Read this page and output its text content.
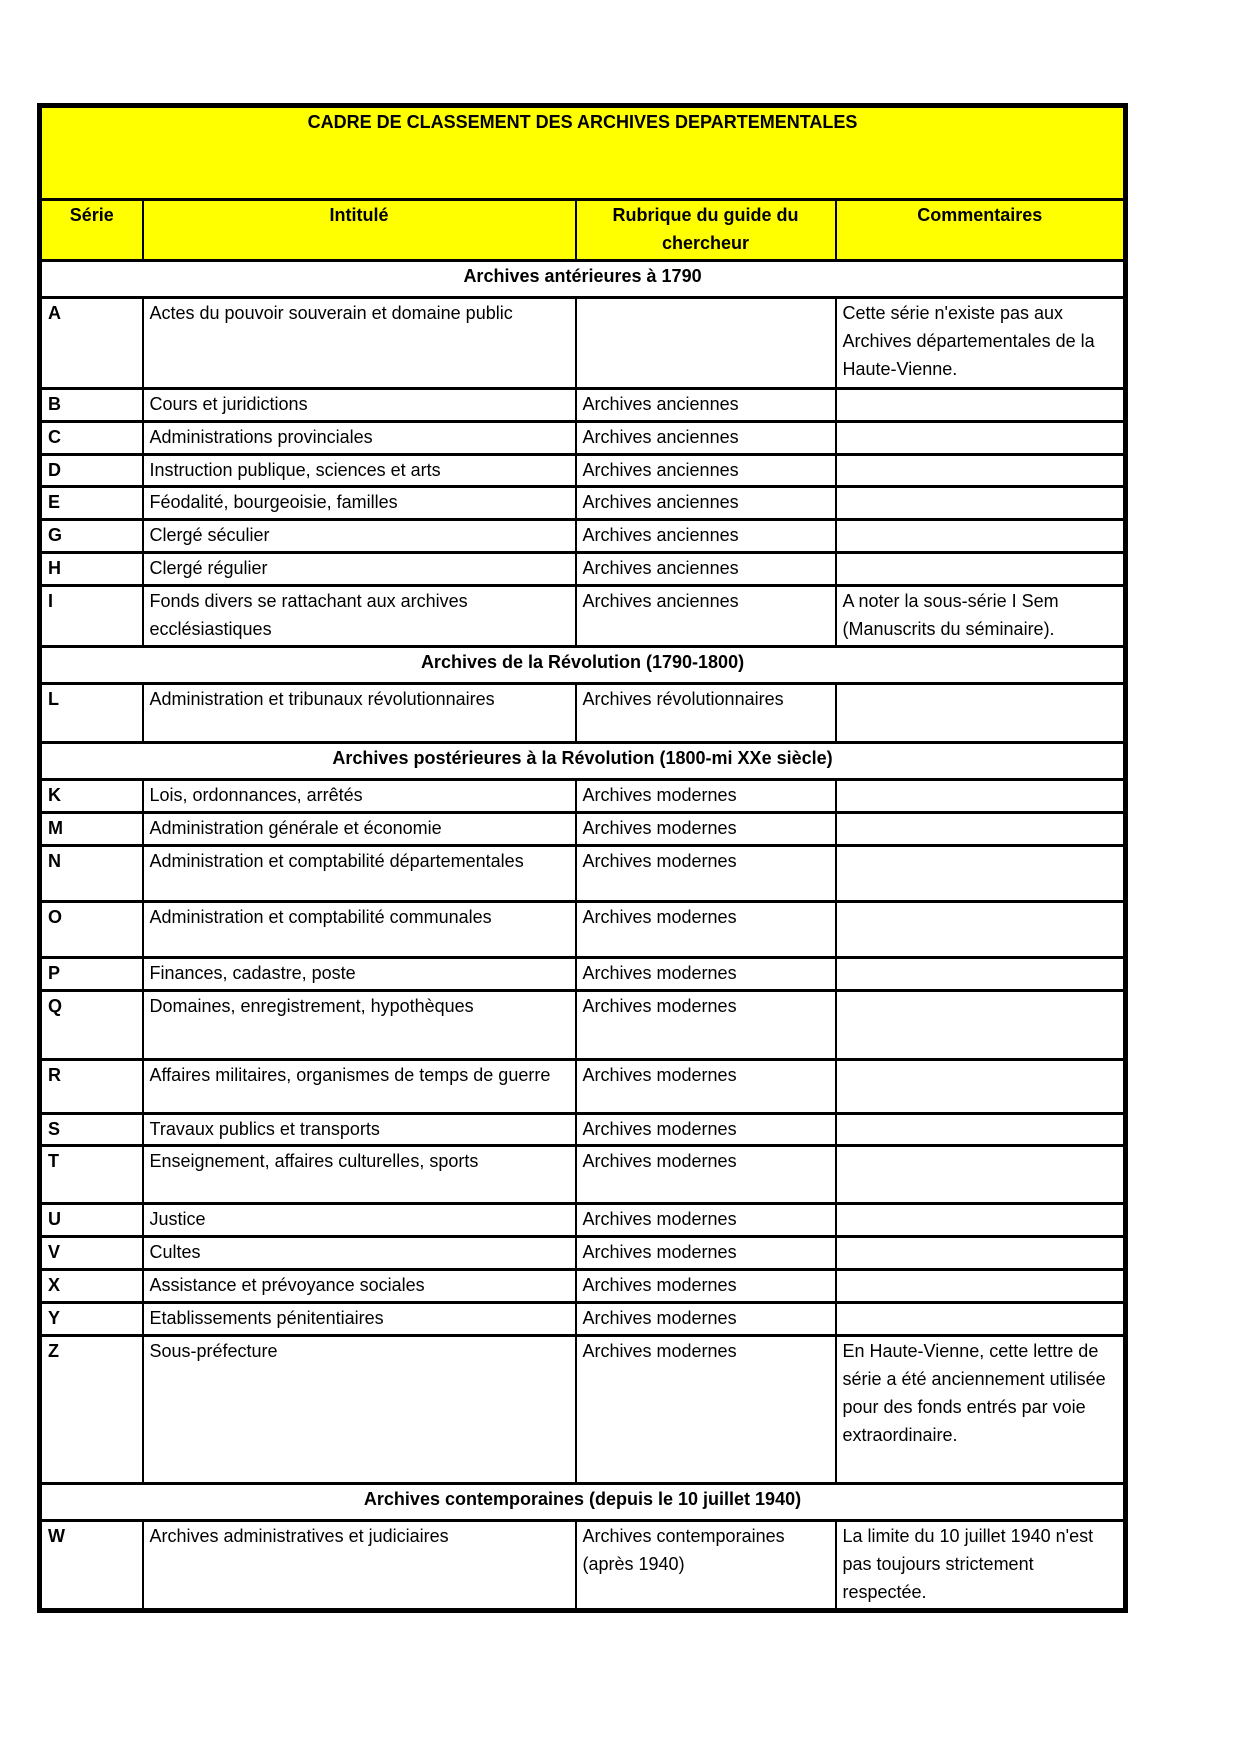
CADRE DE CLASSEMENT DES ARCHIVES DEPARTEMENTALES			
Série	Intitulé	Rubrique du guide du chercheur	Commentaires
Archives antérieures à 1790			
A	Actes du pouvoir souverain et domaine public		Cette série n'existe pas aux Archives départementales de la Haute-Vienne.
B	Cours et juridictions	Archives anciennes	
C	Administrations provinciales	Archives anciennes	
D	Instruction publique, sciences et arts	Archives anciennes	
E	Féodalité, bourgeoisie, familles	Archives anciennes	
G	Clergé séculier	Archives anciennes	
H	Clergé régulier	Archives anciennes	
I	Fonds divers se rattachant aux archives ecclésiastiques	Archives anciennes	A noter la sous-série I Sem (Manuscrits du séminaire).
Archives de la Révolution (1790-1800)			
L	Administration et tribunaux révolutionnaires	Archives révolutionnaires	
Archives postérieures à la Révolution (1800-mi XXe siècle)			
K	Lois, ordonnances, arrêtés	Archives modernes	
M	Administration générale et économie	Archives modernes	
N	Administration et comptabilité départementales	Archives modernes	
O	Administration et comptabilité communales	Archives modernes	
P	Finances, cadastre, poste	Archives modernes	
Q	Domaines, enregistrement, hypothèques	Archives modernes	
R	Affaires militaires, organismes de temps de guerre	Archives modernes	
S	Travaux publics et transports	Archives modernes	
T	Enseignement, affaires culturelles, sports	Archives modernes	
U	Justice	Archives modernes	
V	Cultes	Archives modernes	
X	Assistance et prévoyance sociales	Archives modernes	
Y	Etablissements pénitentiaires	Archives modernes	
Z	Sous-préfecture	Archives modernes	En Haute-Vienne, cette lettre de série a été anciennement utilisée pour des fonds entrés par voie extraordinaire.
Archives contemporaines (depuis le 10 juillet 1940)			
W	Archives administratives et judiciaires	Archives contemporaines (après 1940)	La limite du 10 juillet 1940 n'est pas toujours strictement respectée.
